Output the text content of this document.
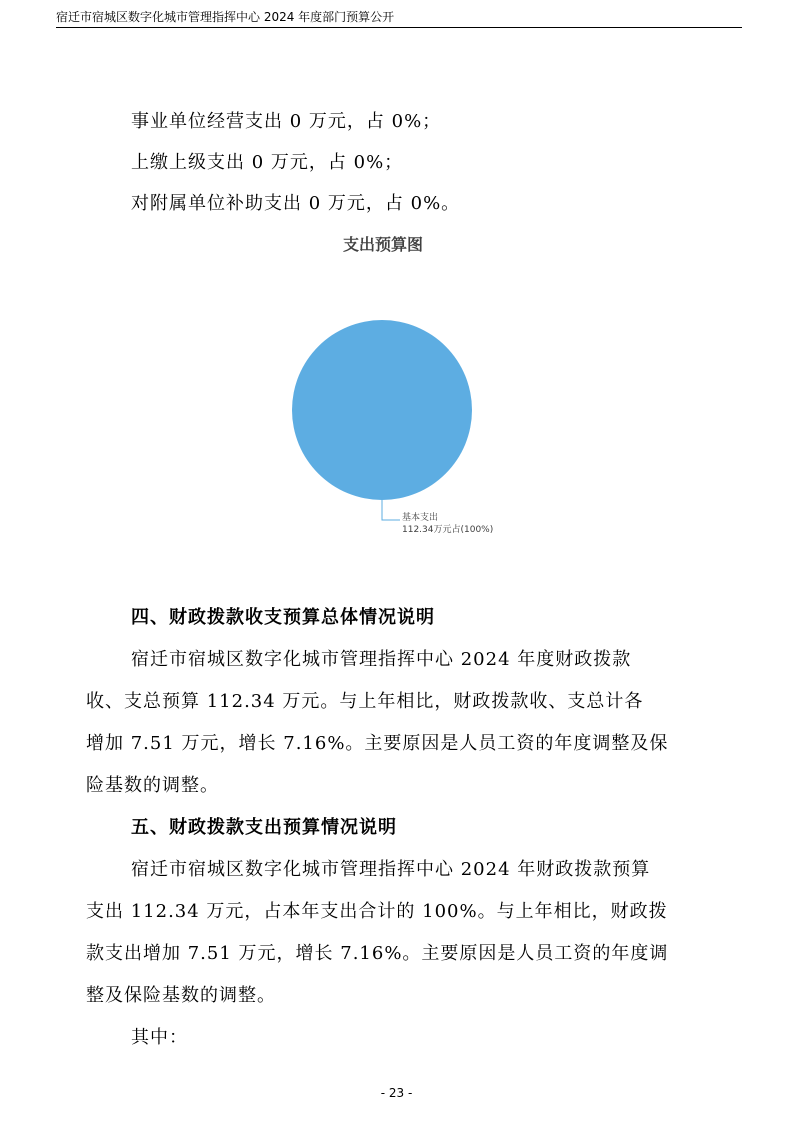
宿迁市宿城区数字化城市管理指挥中心 2024 年度部门预算公开
事业单位经营支出 0 万元，占 0%；
上缴上级支出 0 万元，占 0%；
对附属单位补助支出 0 万元，占 0%。
支出预算图
基本支出
112.34万元占(100%)
四、财政拨款收支预算总体情况说明
宿迁市宿城区数字化城市管理指挥中心 2024 年度财政拨款
收、支总预算 112.34 万元。与上年相比，财政拨款收、支总计各
增加 7.51 万元，增长 7.16%。主要原因是人员工资的年度调整及保
险基数的调整。
五、财政拨款支出预算情况说明
宿迁市宿城区数字化城市管理指挥中心 2024 年财政拨款预算
支出 112.34 万元，占本年支出合计的 100%。与上年相比，财政拨
款支出增加 7.51 万元，增长 7.16%。主要原因是人员工资的年度调
整及保险基数的调整。
其中：
- 23 -
